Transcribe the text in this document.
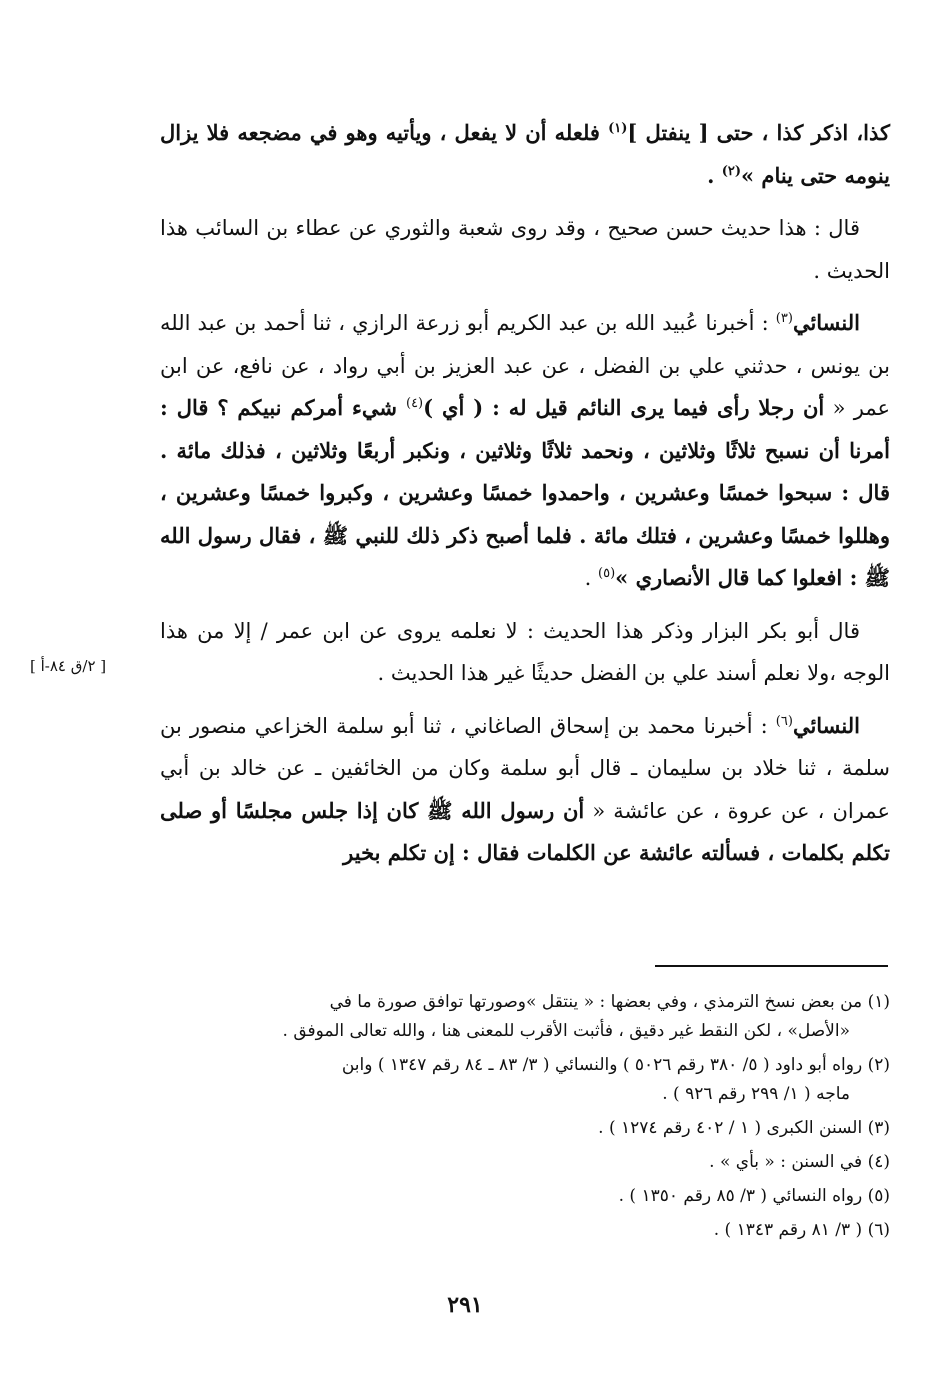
كذا، اذكر كذا ، حتى [ ينفتل ]$^{(١)}$ فلعله أن لا يفعل ، ويأتيه وهو في مضجعه فلا يزال ينومه حتى ينام »$^{(٢)}$ .

قال : هذا حديث حسن صحيح ، وقد روى شعبة والثوري عن عطاء بن السائب هذا الحديث .

النسائي$^{(٣)}$ : أخبرنا عُبيد الله بن عبد الكريم أبو زرعة الرازي ، ثنا أحمد بن عبد الله بن يونس ، حدثني علي بن الفضل ، عن عبد العزيز بن أبي رواد ، عن نافع، عن ابن عمر « أن رجلا رأى فيما يرى النائم قيل له : ( أي )$^{(٤)}$ شيء أمركم نبيكم ؟ قال : أمرنا أن نسبح ثلاثًا وثلاثين ، ونحمد ثلاثًا وثلاثين ، ونكبر أربعًا وثلاثين ، فذلك مائة . قال : سبحوا خمسًا وعشرين ، واحمدوا خمسًا وعشرين ، وكبروا خمسًا وعشرين ، وهللوا خمسًا وعشرين ، فتلك مائة . فلما أصبح ذكر ذلك للنبي ﷺ ، فقال رسول الله ﷺ : افعلوا كما قال الأنصاري »$^{(٥)}$ .

قال أبو بكر البزار وذكر هذا الحديث : لا نعلمه يروى عن ابن عمر / إلا من هذا الوجه ،ولا نعلم أسند علي بن الفضل حديثًا غير هذا الحديث .

النسائي$^{(٦)}$ : أخبرنا محمد بن إسحاق الصاغاني ، ثنا أبو سلمة الخزاعي منصور بن سلمة ، ثنا خلاد بن سليمان ـ قال أبو سلمة وكان من الخائفين ـ عن خالد بن أبي عمران ، عن عروة ، عن عائشة « أن رسول الله ﷺ كان إذا جلس مجلسًا أو صلى تكلم بكلمات ، فسألته عائشة عن الكلمات فقال : إن تكلم بخير

[ ٢/ق ٨٤-أ ]

(١) من بعض نسخ الترمذي ، وفي بعضها : « ينتقل »وصورتها توافق صورة ما في
«الأصل» ، لكن النقط غير دقيق ، فأثبت الأقرب للمعنى هنا ، والله تعالى الموفق .

(٢) رواه أبو داود ( ٥/ ٣٨٠ رقم ٥٠٢٦ ) والنسائي ( ٣/ ٨٣ ـ ٨٤ رقم ١٣٤٧ ) وابن
ماجه ( ١/ ٢٩٩ رقم ٩٢٦ ) .

(٣) السنن الكبرى ( ١ / ٤٠٢ رقم ١٢٧٤ ) .

(٤) في السنن : « بأي » .

(٥) رواه النسائي ( ٣/ ٨٥ رقم ١٣٥٠ ) .

(٦) ( ٣/ ٨١ رقم ١٣٤٣ ) .

٢٩١
